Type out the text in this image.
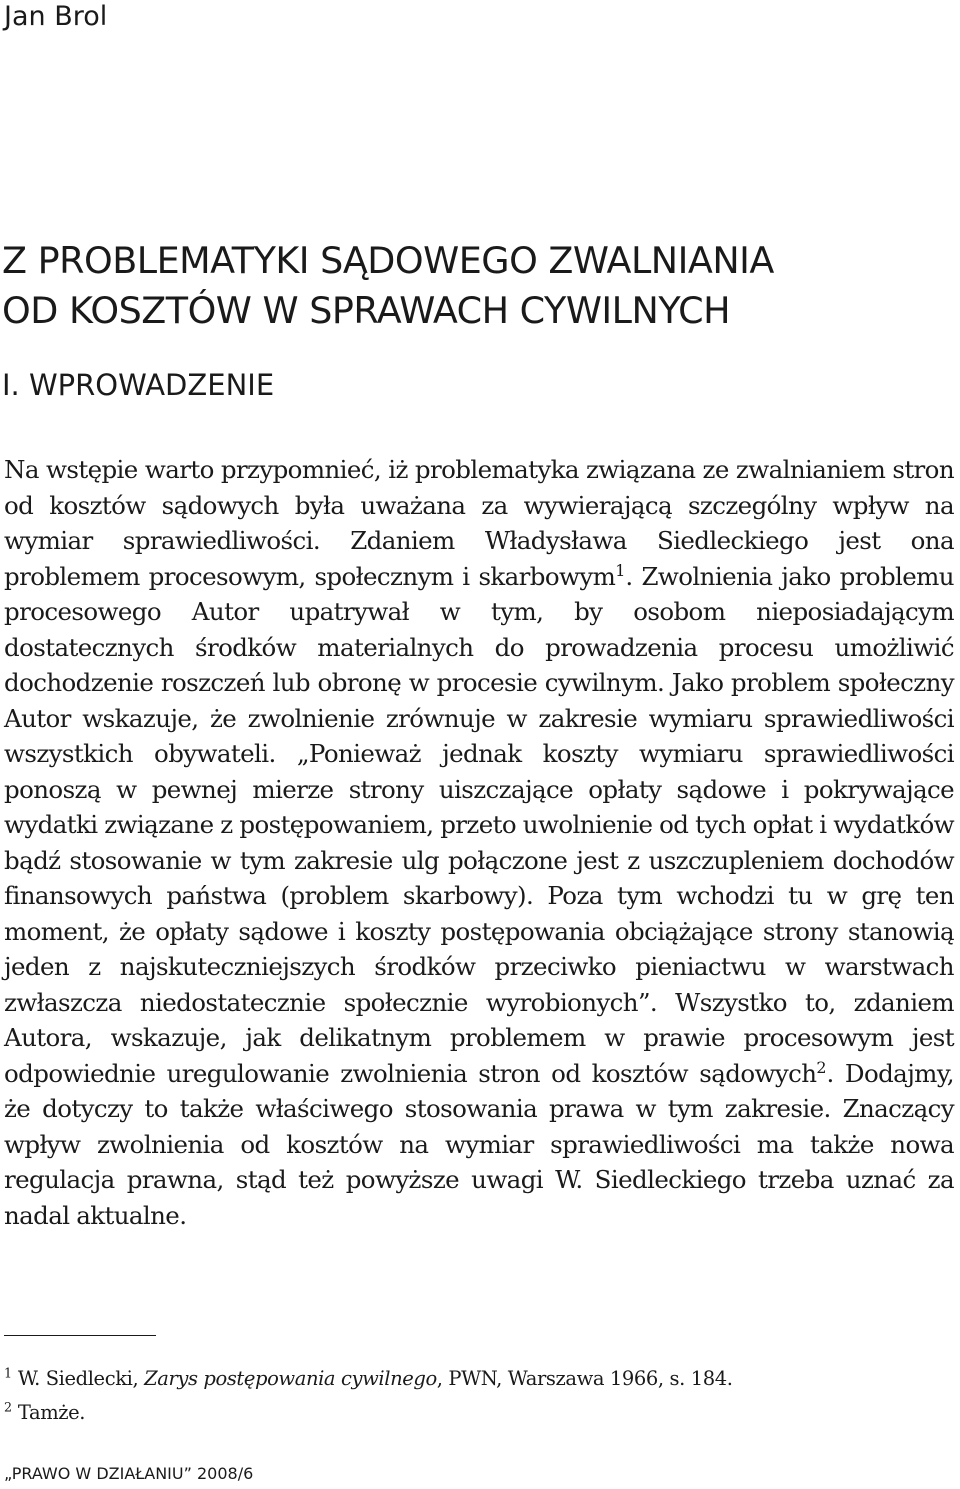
Jan Brol
Z PROBLEMATYKI SĄDOWEGO ZWALNIANIA
OD KOSZTÓW W SPRAWACH CYWILNYCH
I. WPROWADZENIE

Na wstępie warto przypomnieć, iż problematyka związana ze zwalnianiem stron od kosztów sądowych była uważana za wywierającą szczególny wpływ na wymiar sprawiedliwości. Zdaniem Władysława Siedleckiego jest ona problemem procesowym, społecznym i skarbowym$^1$. Zwolnienia jako problemu procesowego Autor upatrywał w tym, by osobom nieposiadającym dostatecznych środków materialnych do prowadzenia procesu umożliwić dochodzenie roszczeń lub obronę w procesie cywilnym. Jako problem społeczny Autor wskazuje, że zwolnienie zrównuje w zakresie wymiaru sprawiedliwości wszystkich obywateli. „Ponieważ jednak koszty wymiaru sprawiedliwości ponoszą w pewnej mierze strony uiszczające opłaty sądowe i pokrywające wydatki związane z postępowaniem, przeto uwolnienie od tych opłat i wydatków bądź stosowanie w tym zakresie ulg połączone jest z uszczupleniem dochodów finansowych państwa (problem skarbowy). Poza tym wchodzi tu w grę ten moment, że opłaty sądowe i koszty postępowania obciążające strony stanowią jeden z najskuteczniejszych środków przeciwko pieniactwu w warstwach zwłaszcza niedostatecznie społecznie wyrobionych”. Wszystko to, zdaniem Autora, wskazuje, jak delikatnym problemem w prawie procesowym jest odpowiednie uregulowanie zwolnienia stron od kosztów sądowych$^2$. Dodajmy, że dotyczy to także właściwego stosowania prawa w tym zakresie. Znaczący wpływ zwolnienia od kosztów na wymiar sprawiedliwości ma także nowa regulacja prawna, stąd też powyższe uwagi W. Siedleckiego trzeba uznać za nadal aktualne.

$^1$ W. Siedlecki, Zarys postępowania cywilnego, PWN, Warszawa 1966, s. 184.
$^2$ Tamże.
„PRAWO W DZIAŁANIU” 2008/6
